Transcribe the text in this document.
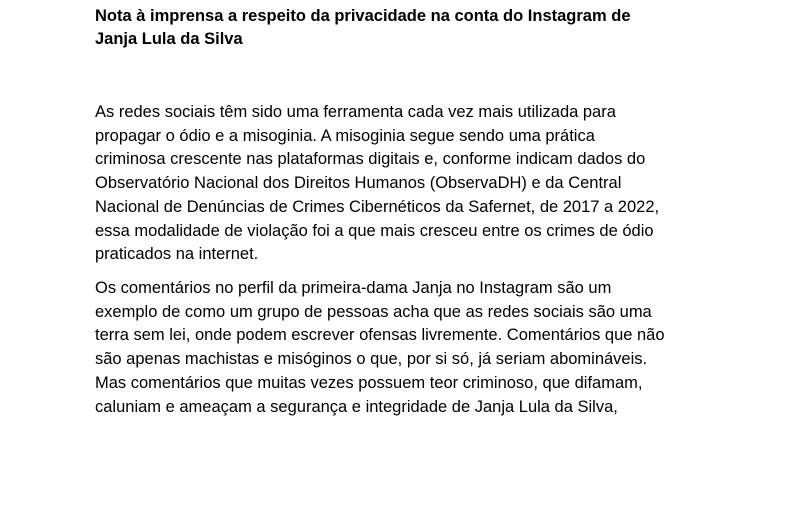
Nota à imprensa a respeito da privacidade na conta do Instagram de
Janja Lula da Silva

As redes sociais têm sido uma ferramenta cada vez mais utilizada para
propagar o ódio e a misoginia. A misoginia segue sendo uma prática
criminosa crescente nas plataformas digitais e, conforme indicam dados do
Observatório Nacional dos Direitos Humanos (ObservaDH) e da Central
Nacional de Denúncias de Crimes Cibernéticos da Safernet, de 2017 a 2022,
essa modalidade de violação foi a que mais cresceu entre os crimes de ódio
praticados na internet.

Os comentários no perfil da primeira-dama Janja no Instagram são um
exemplo de como um grupo de pessoas acha que as redes sociais são uma
terra sem lei, onde podem escrever ofensas livremente. Comentários que não
são apenas machistas e misóginos o que, por si só, já seriam abomináveis.
Mas comentários que muitas vezes possuem teor criminoso, que difamam,
caluniam e ameaçam a segurança e integridade de Janja Lula da Silva,
